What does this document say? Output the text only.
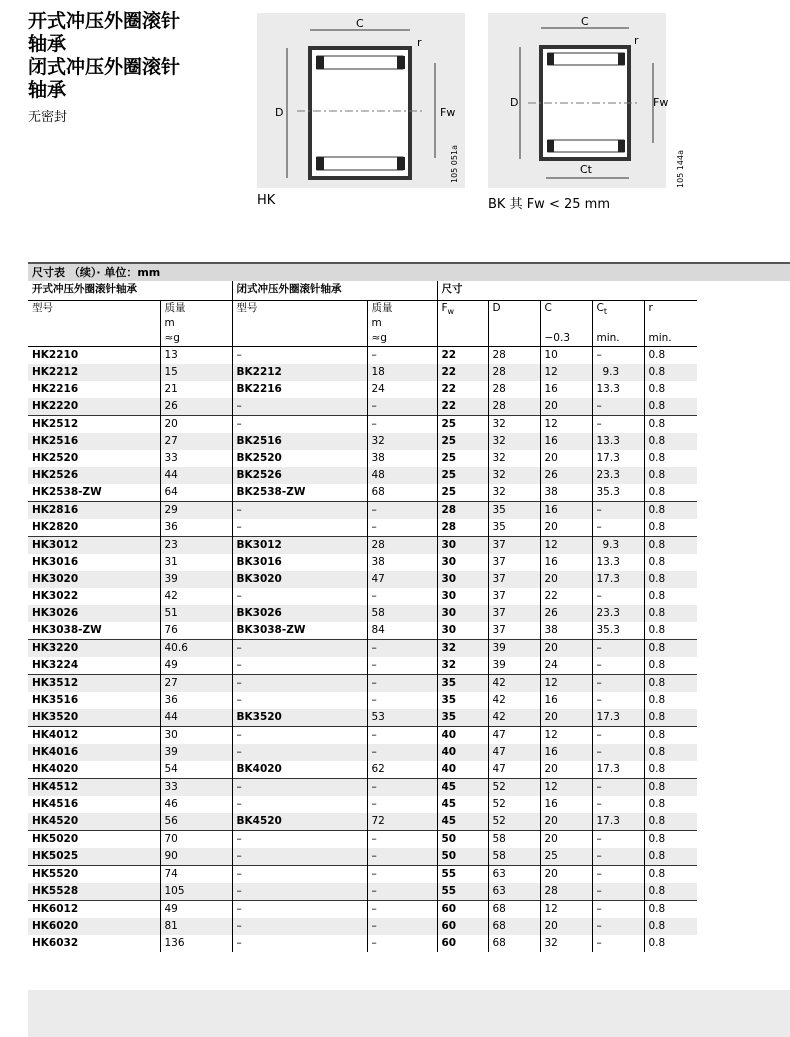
开式冲压外圈滚针
轴承
闭式冲压外圈滚针
轴承
无密封
C
D	Fw
r
105 051a
HK
C
Ct
D	Fw
r
BK 其 Fw < 25 mm
105 144a
尺寸表 （续）· 单位：mm
开式冲压外圈滚针轴承		闭式冲压外圈滚针轴承		尺寸				
型号	质量	型号	质量	$F_w$	D	C	$C_t$	r
	m		m					
	≈g		≈g			−0.3	min.	min.
HK2210	13	–	–	22	28	10	–	0.8
HK2212	15	BK2212	18	22	28	12	9.3	0.8
HK2216	21	BK2216	24	22	28	16	13.3	0.8
HK2220	26	–	–	22	28	20	–	0.8
HK2512	20	–	–	25	32	12	–	0.8
HK2516	27	BK2516	32	25	32	16	13.3	0.8
HK2520	33	BK2520	38	25	32	20	17.3	0.8
HK2526	44	BK2526	48	25	32	26	23.3	0.8
HK2538-ZW	64	BK2538-ZW	68	25	32	38	35.3	0.8
HK2816	29	–	–	28	35	16	–	0.8
HK2820	36	–	–	28	35	20	–	0.8
HK3012	23	BK3012	28	30	37	12	9.3	0.8
HK3016	31	BK3016	38	30	37	16	13.3	0.8
HK3020	39	BK3020	47	30	37	20	17.3	0.8
HK3022	42	–	–	30	37	22	–	0.8
HK3026	51	BK3026	58	30	37	26	23.3	0.8
HK3038-ZW	76	BK3038-ZW	84	30	37	38	35.3	0.8
HK3220	40.6	–	–	32	39	20	–	0.8
HK3224	49	–	–	32	39	24	–	0.8
HK3512	27	–	–	35	42	12	–	0.8
HK3516	36	–	–	35	42	16	–	0.8
HK3520	44	BK3520	53	35	42	20	17.3	0.8
HK4012	30	–	–	40	47	12	–	0.8
HK4016	39	–	–	40	47	16	–	0.8
HK4020	54	BK4020	62	40	47	20	17.3	0.8
HK4512	33	–	–	45	52	12	–	0.8
HK4516	46	–	–	45	52	16	–	0.8
HK4520	56	BK4520	72	45	52	20	17.3	0.8
HK5020	70	–	–	50	58	20	–	0.8
HK5025	90	–	–	50	58	25	–	0.8
HK5520	74	–	–	55	63	20	–	0.8
HK5528	105	–	–	55	63	28	–	0.8
HK6012	49	–	–	60	68	12	–	0.8
HK6020	81	–	–	60	68	20	–	0.8
HK6032	136	–	–	60	68	32	–	0.8
